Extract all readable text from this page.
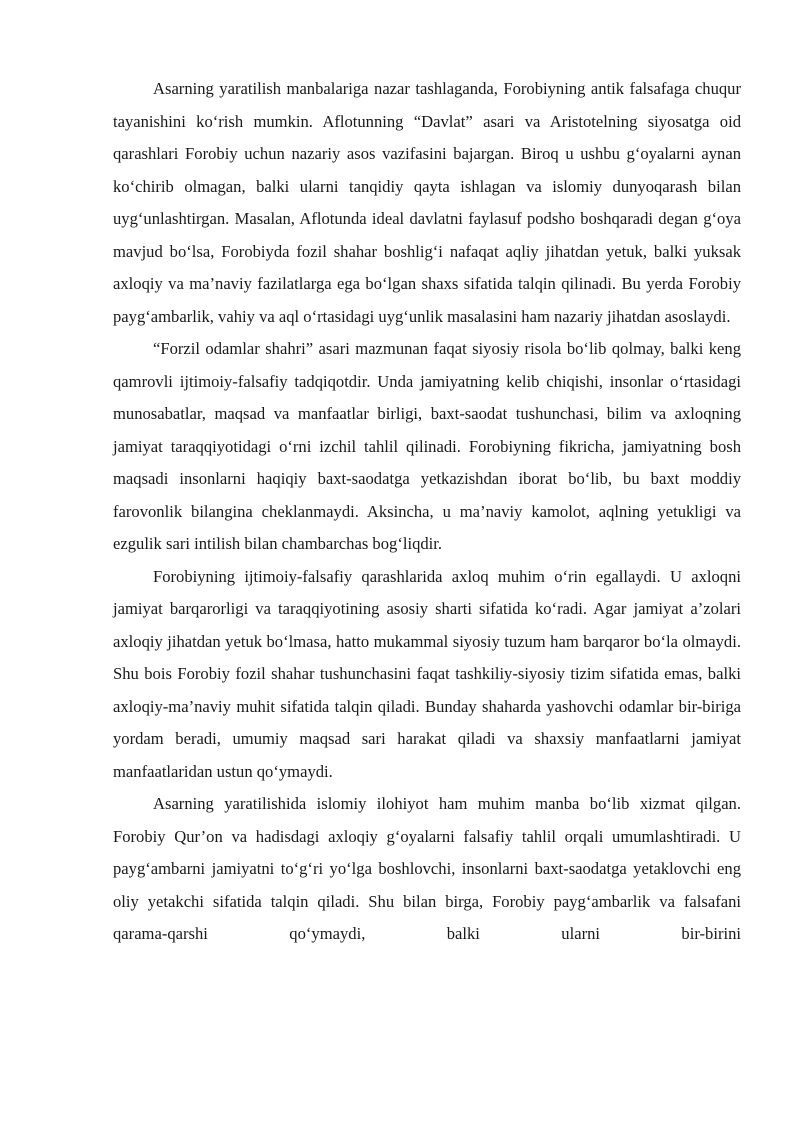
Asarning yaratilish manbalariga nazar tashlaganda, Forobiyning antik falsafaga chuqur tayanishini ko‘rish mumkin. Aflotunning “Davlat” asari va Aristotelning siyosatga oid qarashlari Forobiy uchun nazariy asos vazifasini bajargan. Biroq u ushbu g‘oyalarni aynan ko‘chirib olmagan, balki ularni tanqidiy qayta ishlagan va islomiy dunyoqarash bilan uyg‘unlashtirgan. Masalan, Aflotunda ideal davlatni faylasuf podsho boshqaradi degan g‘oya mavjud bo‘lsa, Forobiyda fozil shahar boshlig‘i nafaqat aqliy jihatdan yetuk, balki yuksak axloqiy va ma’naviy fazilatlarga ega bo‘lgan shaxs sifatida talqin qilinadi. Bu yerda Forobiy payg‘ambarlik, vahiy va aql o‘rtasidagi uyg‘unlik masalasini ham nazariy jihatdan asoslaydi.

“Forzil odamlar shahri” asari mazmunan faqat siyosiy risola bo‘lib qolmay, balki keng qamrovli ijtimoiy-falsafiy tadqiqotdir. Unda jamiyatning kelib chiqishi, insonlar o‘rtasidagi munosabatlar, maqsad va manfaatlar birligi, baxt-saodat tushunchasi, bilim va axloqning jamiyat taraqqiyotidagi o‘rni izchil tahlil qilinadi. Forobiyning fikricha, jamiyatning bosh maqsadi insonlarni haqiqiy baxt-saodatga yetkazishdan iborat bo‘lib, bu baxt moddiy farovonlik bilangina cheklanmaydi. Aksincha, u ma’naviy kamolot, aqlning yetukligi va ezgulik sari intilish bilan chambarchas bog‘liqdir.

Forobiyning ijtimoiy-falsafiy qarashlarida axloq muhim o‘rin egallaydi. U axloqni jamiyat barqarorligi va taraqqiyotining asosiy sharti sifatida ko‘radi. Agar jamiyat a’zolari axloqiy jihatdan yetuk bo‘lmasa, hatto mukammal siyosiy tuzum ham barqaror bo‘la olmaydi. Shu bois Forobiy fozil shahar tushunchasini faqat tashkiliy-siyosiy tizim sifatida emas, balki axloqiy-ma’naviy muhit sifatida talqin qiladi. Bunday shaharda yashovchi odamlar bir-biriga yordam beradi, umumiy maqsad sari harakat qiladi va shaxsiy manfaatlarni jamiyat manfaatlaridan ustun qo‘ymaydi.

Asarning yaratilishida islomiy ilohiyot ham muhim manba bo‘lib xizmat qilgan. Forobiy Qur’on va hadisdagi axloqiy g‘oyalarni falsafiy tahlil orqali umumlashtiradi. U payg‘ambarni jamiyatni to‘g‘ri yo‘lga boshlovchi, insonlarni baxt-saodatga yetaklovchi eng oliy yetakchi sifatida talqin qiladi. Shu bilan birga, Forobiy payg‘ambarlik va falsafani qarama-qarshi qo‘ymaydi, balki ularni bir-birini
